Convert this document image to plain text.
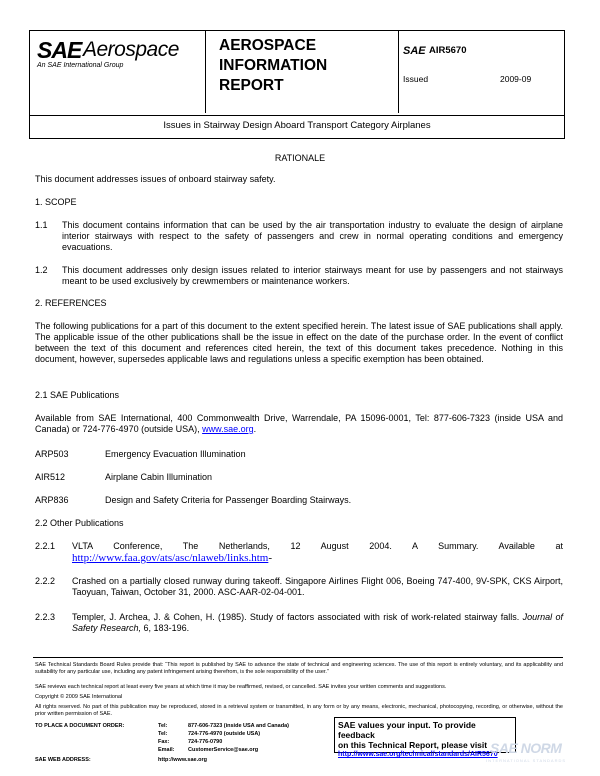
SAE Aerospace
An SAE International Group
AEROSPACE
INFORMATION
REPORT
SAE AIR5670
Issued	2009-09
Issues in Stairway Design Aboard Transport Category Airplanes
RATIONALE
This document addresses issues of onboard stairway safety.
1. SCOPE
1.1 This document contains information that can be used by the air transportation industry to evaluate the design of airplane interior stairways with respect to the safety of passengers and crew in normal operating conditions and emergency evacuations.
1.2 This document addresses only design issues related to interior stairways meant for use by passengers and not stairways meant to be used exclusively by crewmembers or maintenance workers.
2. REFERENCES
The following publications for a part of this document to the extent specified herein. The latest issue of SAE publications shall apply. The applicable issue of the other publications shall be the issue in effect on the date of the purchase order. In the event of conflict between the text of this document and references cited herein, the text of this document takes precedence. Nothing in this document, however, supersedes applicable laws and regulations unless a specific exemption has been obtained.
2.1 SAE Publications
Available from SAE International, 400 Commonwealth Drive, Warrendale, PA 15096-0001, Tel: 877-606-7323 (inside USA and Canada) or 724-776-4970 (outside USA), www.sae.org.
ARP503	Emergency Evacuation Illumination
AIR512	Airplane Cabin Illumination
ARP836	Design and Safety Criteria for Passenger Boarding Stairways.
2.2 Other Publications
2.2.1 VLTA Conference, The Netherlands, 12 August 2004. A Summary. Available at
http://www.faa.gov/ats/asc/nlaweb/links.htm-
2.2.2 Crashed on a partially closed runway during takeoff. Singapore Airlines Flight 006, Boeing 747-400, 9V-SPK, CKS Airport, Taoyuan, Taiwan, October 31, 2000. ASC-AAR-02-04-001.
2.2.3 Templer, J. Archea, J. & Cohen, H. (1985). Study of factors associated with risk of work-related stairway falls. Journal of Safety Research, 6, 183-196.
SAE Technical Standards Board Rules provide that: “This report is published by SAE to advance the state of technical and engineering sciences. The use of this report is entirely voluntary, and its applicability and suitability for any particular use, including any patent infringement arising therefrom, is the sole responsibility of the user.”
SAE reviews each technical report at least every five years at which time it may be reaffirmed, revised, or cancelled. SAE invites your written comments and suggestions.
Copyright © 2009 SAE International
All rights reserved. No part of this publication may be reproduced, stored in a retrieval system or transmitted, in any form or by any means, electronic, mechanical, photocopying, recording, or otherwise, without the prior written permission of SAE.
TO PLACE A DOCUMENT ORDER:	Tel:	877-606-7323 (inside USA and Canada)
Tel:	724-776-4970 (outside USA)
Fax:	724-776-0790
Email: CustomerService@sae.org
SAE WEB ADDRESS:	http://www.sae.org
SAE values your input. To provide feedback
on this Technical Report, please visit
http://www.sae.org/technical/standards/AIR5670
SAE NORM
INTERNATIONAL STANDARDS
